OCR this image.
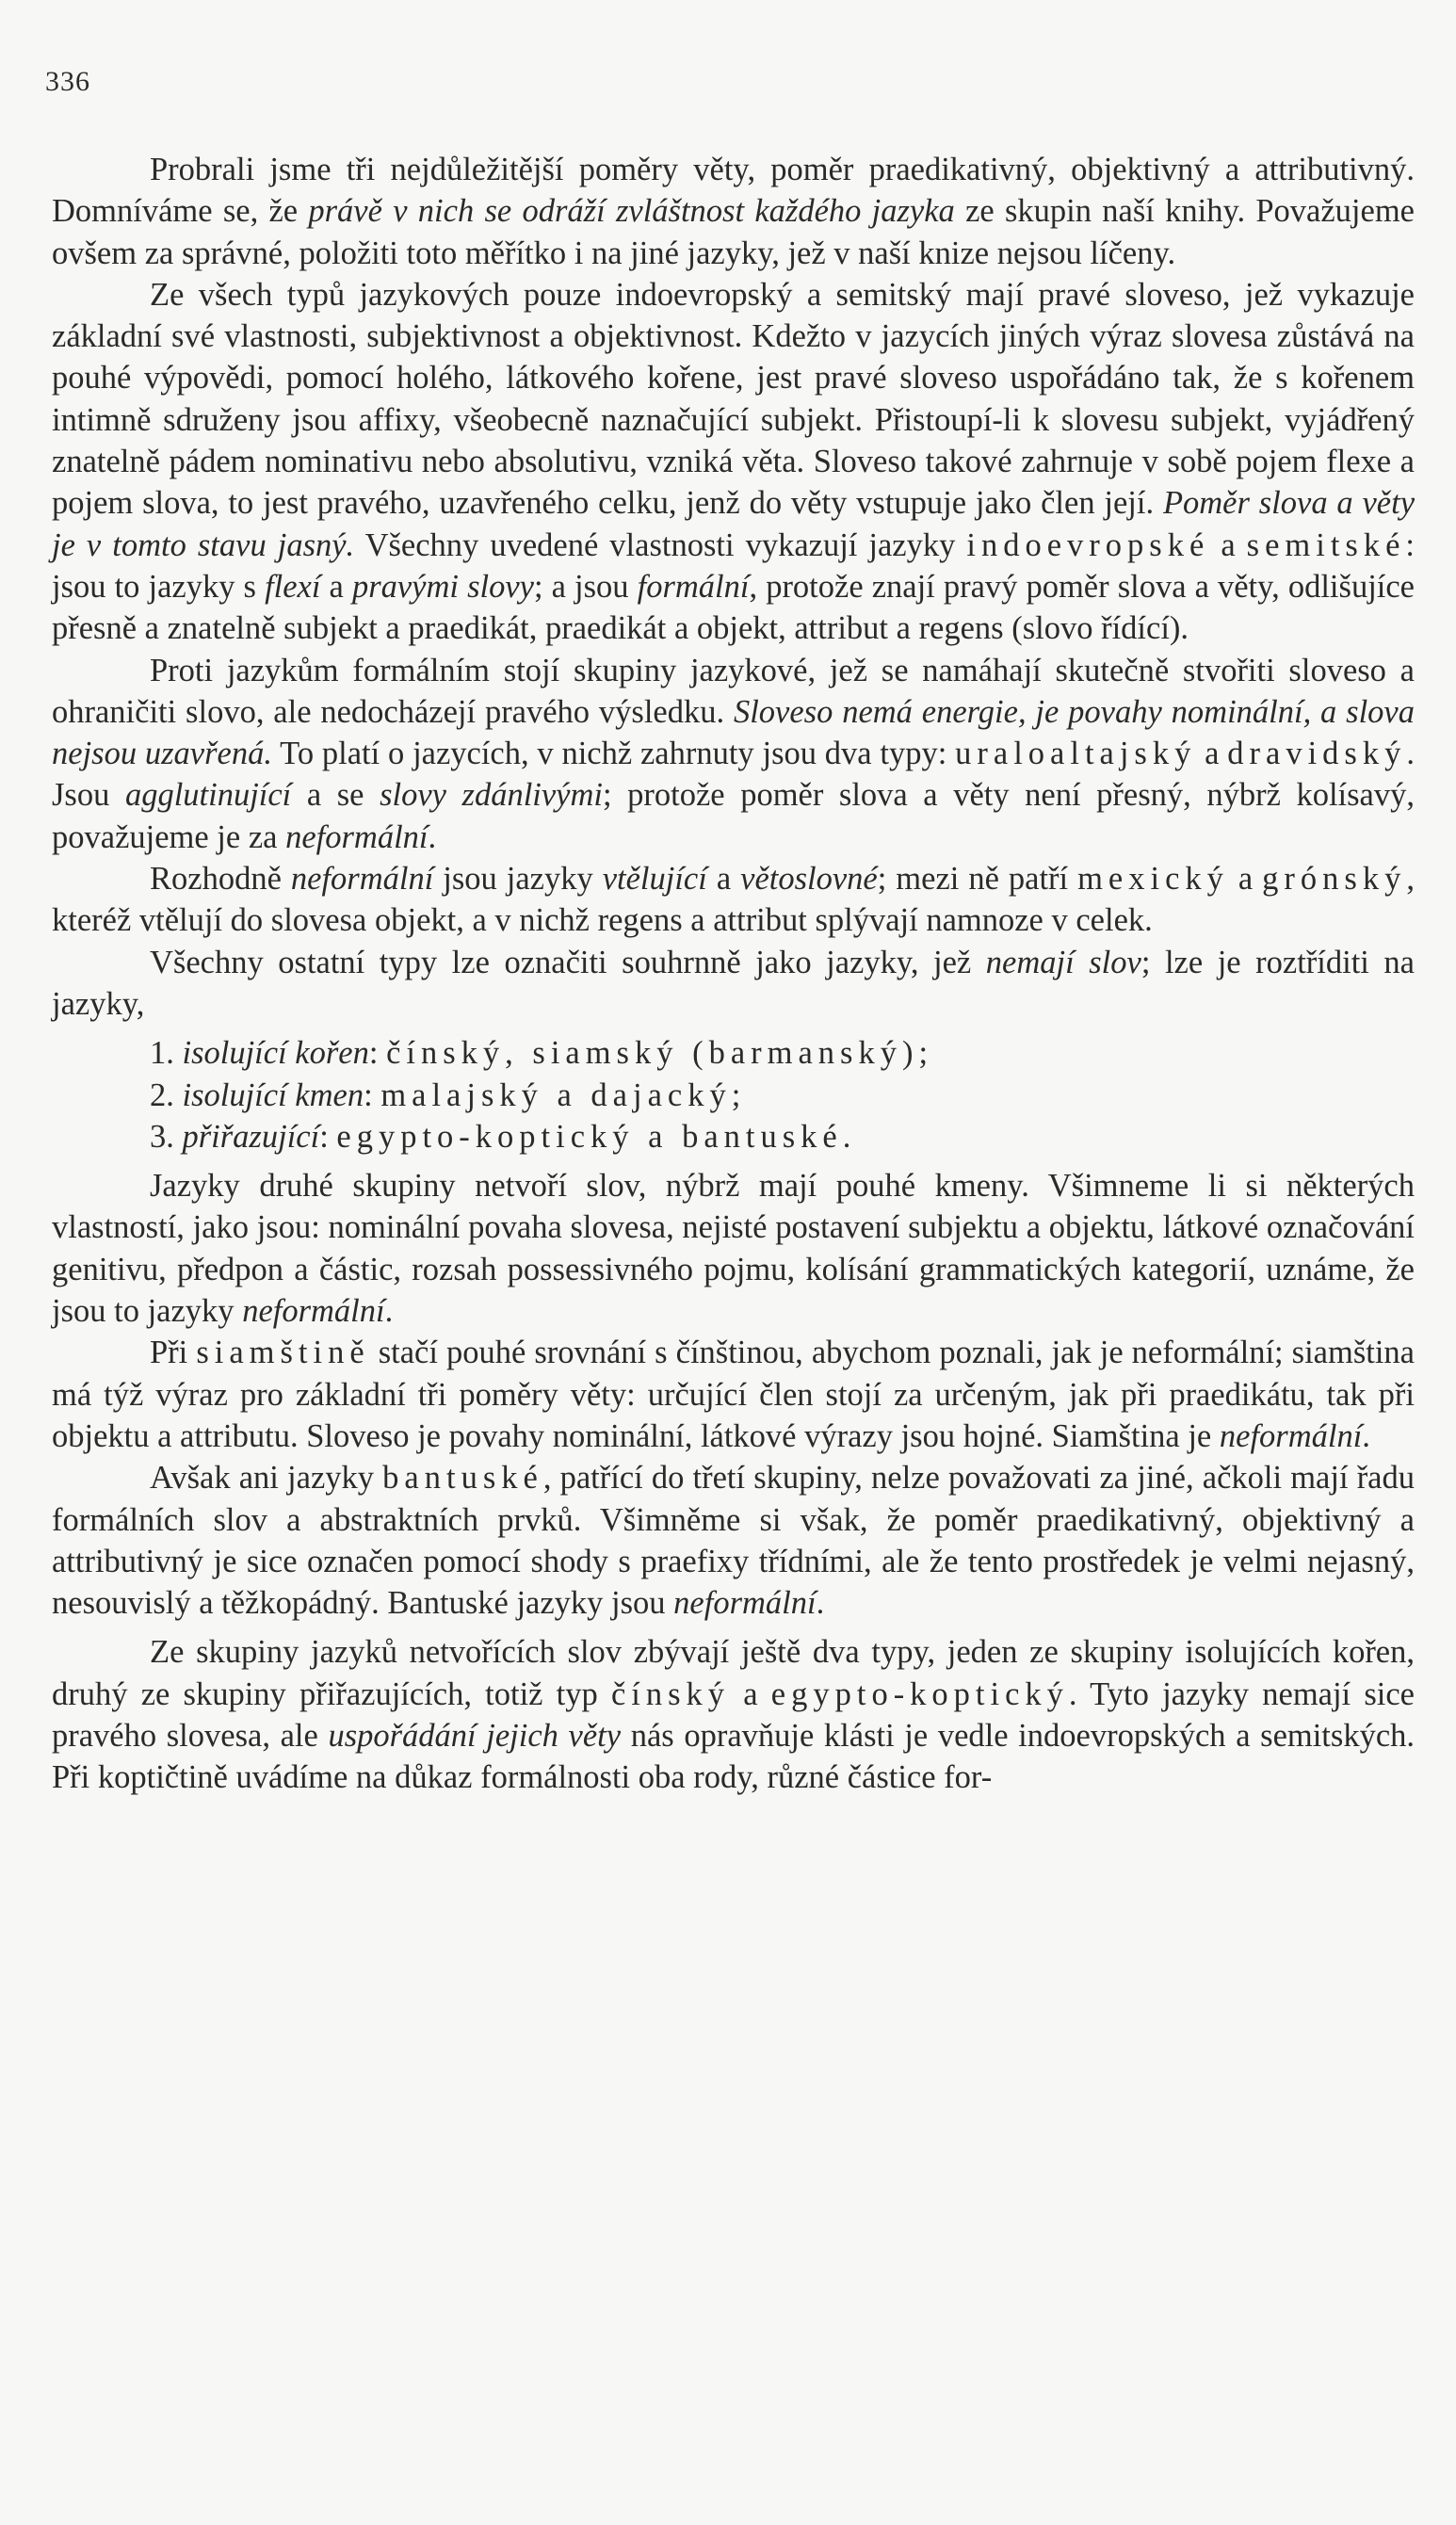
336

Probrali jsme tři nejdůležitější poměry věty, poměr praedikativný, objektivný a attributivný. Domníváme se, že právě v nich se odráží zvláštnost každého jazyka ze skupin naší knihy. Považujeme ovšem za správné, položiti toto měřítko i na jiné jazyky, jež v naší knize nejsou líčeny.

Ze všech typů jazykových pouze indoevropský a semitský mají pravé sloveso, jež vykazuje základní své vlastnosti, subjektivnost a objektivnost. Kdežto v jazycích jiných výraz slovesa zůstává na pouhé výpovědi, pomocí holého, látkového kořene, jest pravé sloveso uspořádáno tak, že s kořenem intimně sdruženy jsou affixy, všeobecně naznačující subjekt. Přistoupí-li k slovesu subjekt, vyjádřený znatelně pádem nominativu nebo absolutivu, vzniká věta. Sloveso takové zahrnuje v sobě pojem flexe a pojem slova, to jest pravého, uzavřeného celku, jenž do věty vstupuje jako člen její. Poměr slova a věty je v tomto stavu jasný. Všechny uvedené vlastnosti vykazují jazyky indoevropské a semitské: jsou to jazyky s flexí a pravými slovy; a jsou formální, protože znají pravý poměr slova a věty, odlišujíce přesně a znatelně subjekt a praedikát, praedikát a objekt, attribut a regens (slovo řídící).

Proti jazykům formálním stojí skupiny jazykové, jež se namáhají skutečně stvořiti sloveso a ohraničiti slovo, ale nedocházejí pravého výsledku. Sloveso nemá energie, je povahy nominální, a slova nejsou uzavřená. To platí o jazycích, v nichž zahrnuty jsou dva typy: uraloaltajský a dravidský. Jsou agglutinující a se slovy zdánlivými; protože poměr slova a věty není přesný, nýbrž kolísavý, považujeme je za neformální.

Rozhodně neformální jsou jazyky vtělující a větoslovné; mezi ně patří mexický a grónský, kteréž vtělují do slovesa objekt, a v nichž regens a attribut splývají namnoze v celek.

Všechny ostatní typy lze označiti souhrnně jako jazyky, jež nemají slov; lze je roztříditi na jazyky,

1. isolující kořen: čínský, siamský (barmanský);

2. isolující kmen: malajský a dajacký;

3. přiřazující: egypto-koptický a bantuské.

Jazyky druhé skupiny netvoří slov, nýbrž mají pouhé kmeny. Všimneme li si některých vlastností, jako jsou: nominální povaha slovesa, nejisté postavení subjektu a objektu, látkové označování genitivu, předpon a částic, rozsah possessivného pojmu, kolísání grammatických kategorií, uznáme, že jsou to jazyky neformální.

Při siamštině stačí pouhé srovnání s čínštinou, abychom poznali, jak je neformální; siamština má týž výraz pro základní tři poměry věty: určující člen stojí za určeným, jak při praedikátu, tak při objektu a attributu. Sloveso je povahy nominální, látkové výrazy jsou hojné. Siamština je neformální.

Avšak ani jazyky bantuské, patřící do třetí skupiny, nelze považovati za jiné, ačkoli mají řadu formálních slov a abstraktních prvků. Všimněme si však, že poměr praedikativný, objektivný a attributivný je sice označen pomocí shody s praefixy třídními, ale že tento prostředek je velmi nejasný, nesouvislý a těžkopádný. Bantuské jazyky jsou neformální.

Ze skupiny jazyků netvořících slov zbývají ještě dva typy, jeden ze skupiny isolujících kořen, druhý ze skupiny přiřazujících, totiž typ čínský a egypto-koptický. Tyto jazyky nemají sice pravého slovesa, ale uspořádání jejich věty nás opravňuje klásti je vedle indoevropských a semitských. Při koptičtině uvádíme na důkaz formálnosti oba rody, různé částice for-
